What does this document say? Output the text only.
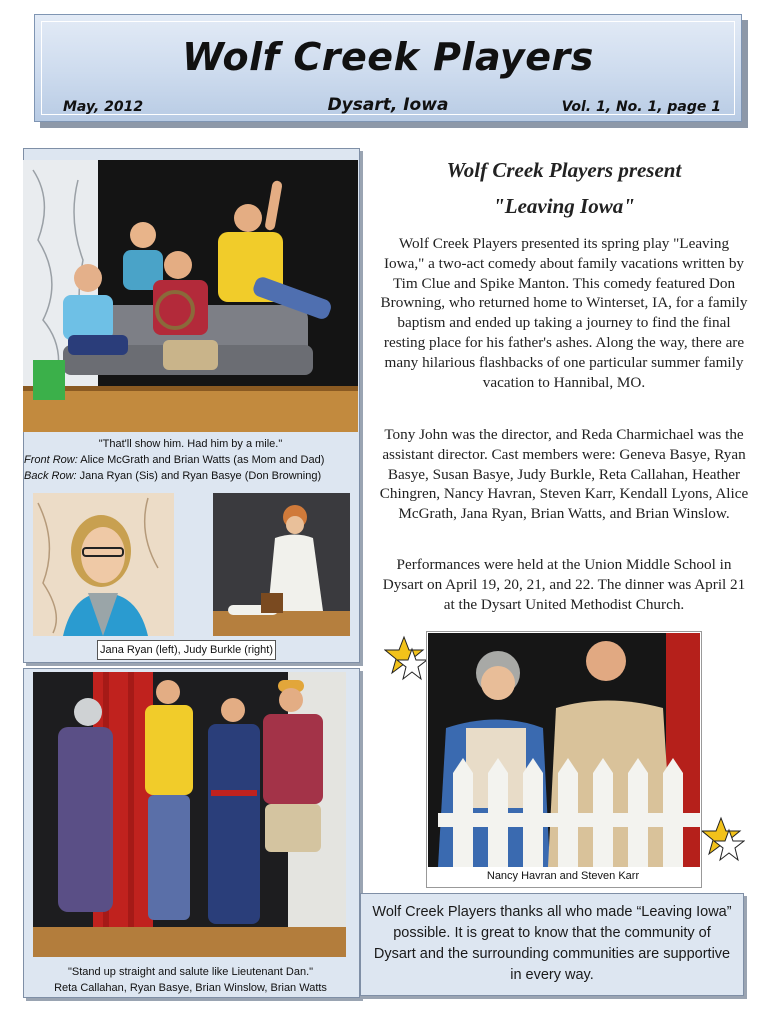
Wolf Creek Players
May, 2012	Dysart, Iowa	Vol. 1, No. 1, page 1
"That'll show him. Had him by a mile."
Front Row: Alice McGrath and Brian Watts (as Mom and Dad)
Back Row: Jana Ryan (Sis) and Ryan Basye (Don Browning)
Jana Ryan (left), Judy Burkle (right)
"Stand up straight and salute like Lieutenant Dan."
Reta Callahan, Ryan Basye, Brian Winslow, Brian Watts
Wolf Creek Players present
"Leaving Iowa"
Wolf Creek Players presented its spring play "Leaving Iowa," a two-act comedy about family vacations written by Tim Clue and Spike Manton. This comedy featured Don Browning, who returned home to Winterset, IA, for a family baptism and ended up taking a journey to find the final resting place for his father's ashes. Along the way, there are many hilarious flashbacks of one particular summer family vacation to Hannibal, MO.
Tony John was the director, and Reda Charmichael was the assistant director. Cast members were: Geneva Basye, Ryan Basye, Susan Basye, Judy Burkle, Reta Callahan, Heather Chingren, Nancy Havran, Steven Karr, Kendall Lyons, Alice McGrath, Jana Ryan, Brian Watts, and Brian Winslow.
Performances were held at the Union Middle School in Dysart on April 19, 20, 21, and 22. The dinner was April 21 at the Dysart United Methodist Church.
Nancy Havran and Steven Karr
Wolf Creek Players thanks all who made “Leaving Iowa” possible. It is great to know that the community of Dysart and the surrounding communities are supportive in every way.
